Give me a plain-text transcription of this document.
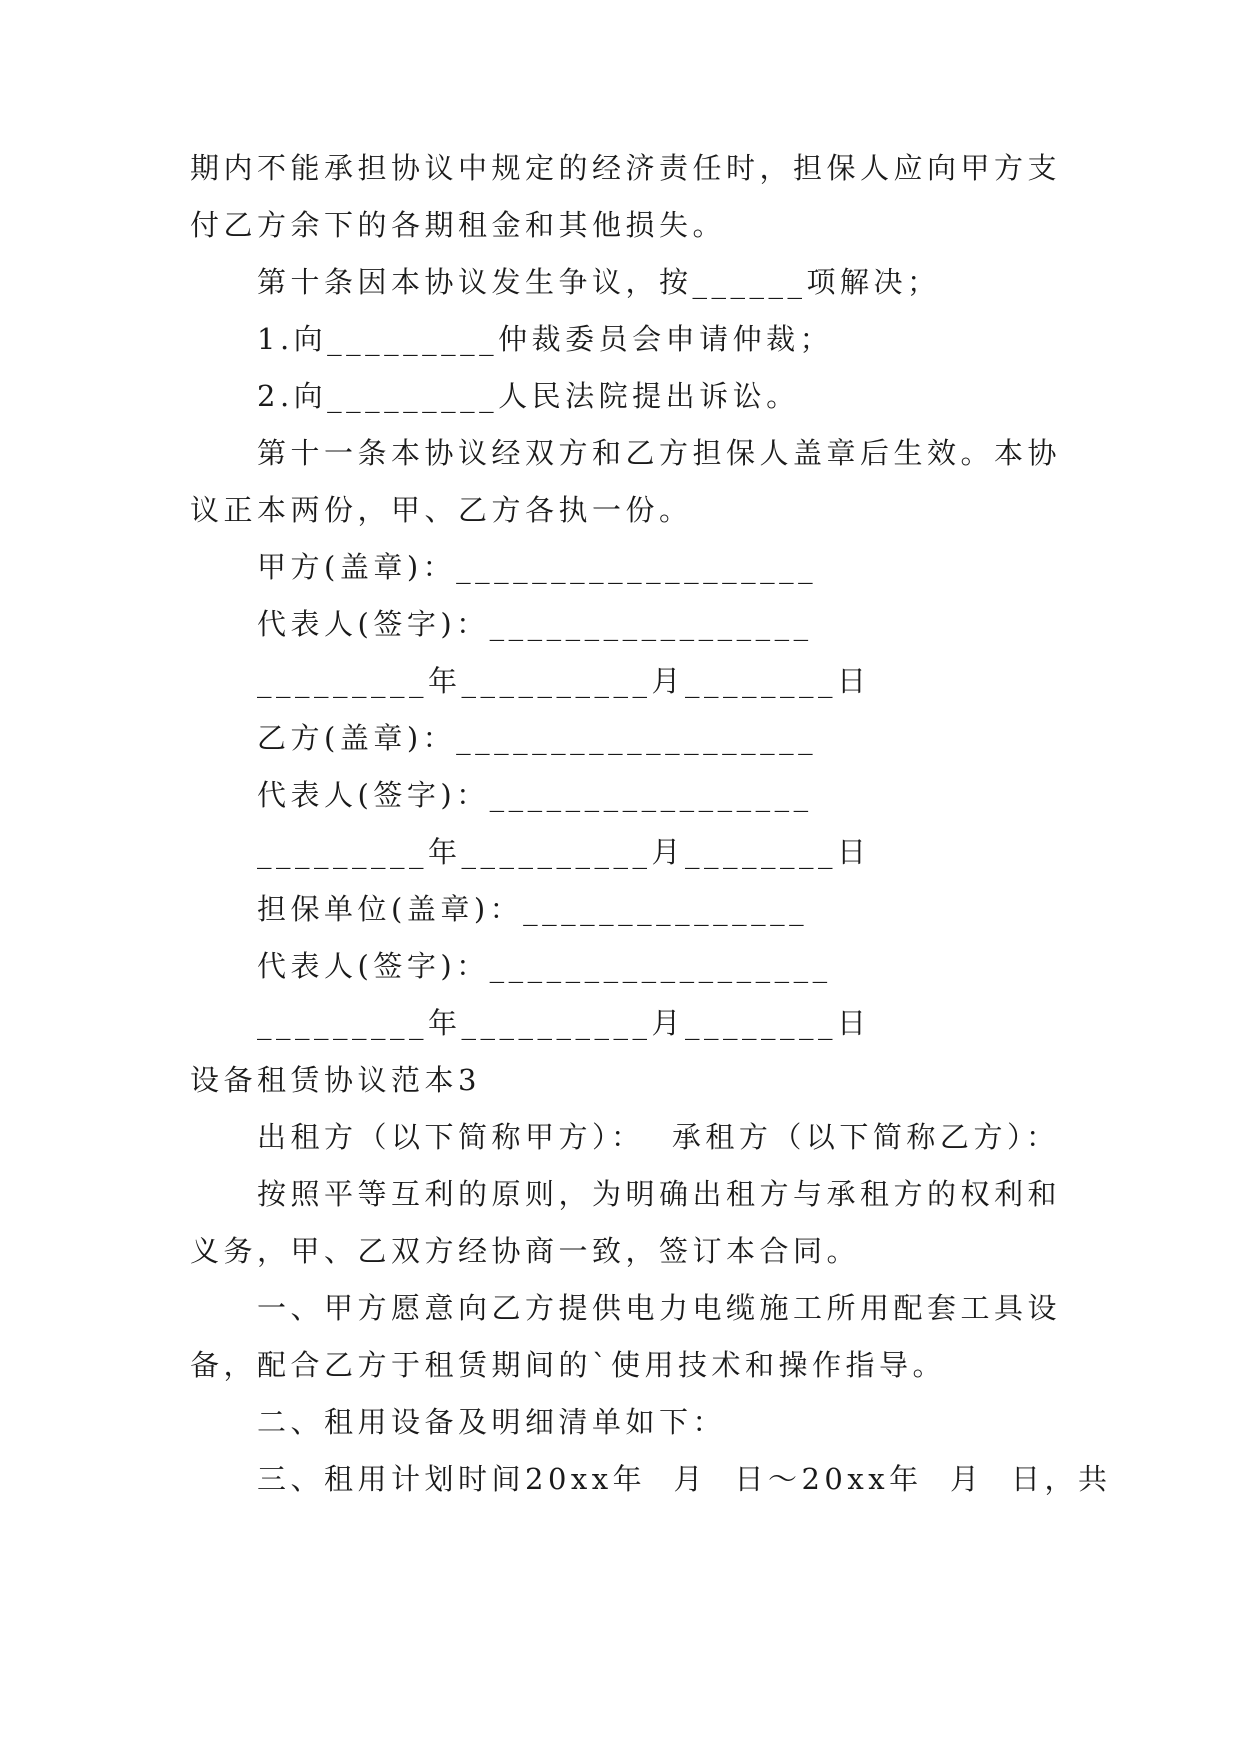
期内不能承担协议中规定的经济责任时，担保人应向甲方支
付乙方余下的各期租金和其他损失。
第十条因本协议发生争议，按______项解决；
1.向_________仲裁委员会申请仲裁；
2.向_________人民法院提出诉讼。
第十一条本协议经双方和乙方担保人盖章后生效。本协
议正本两份，甲、乙方各执一份。
甲方(盖章)：___________________
代表人(签字)：_________________
_________年__________月________日
乙方(盖章)：___________________
代表人(签字)：_________________
_________年__________月________日
担保单位(盖章)：_______________
代表人(签字)：__________________
_________年__________月________日
设备租赁协议范本3
出租方（以下简称甲方）：  承租方（以下简称乙方）：
按照平等互利的原则，为明确出租方与承租方的权利和
义务，甲、乙双方经协商一致，签订本合同。
一、甲方愿意向乙方提供电力电缆施工所用配套工具设
备，配合乙方于租赁期间的`使用技术和操作指导。
二、租用设备及明细清单如下：
三、租用计划时间20xx年  月  日～20xx年  月  日，共
